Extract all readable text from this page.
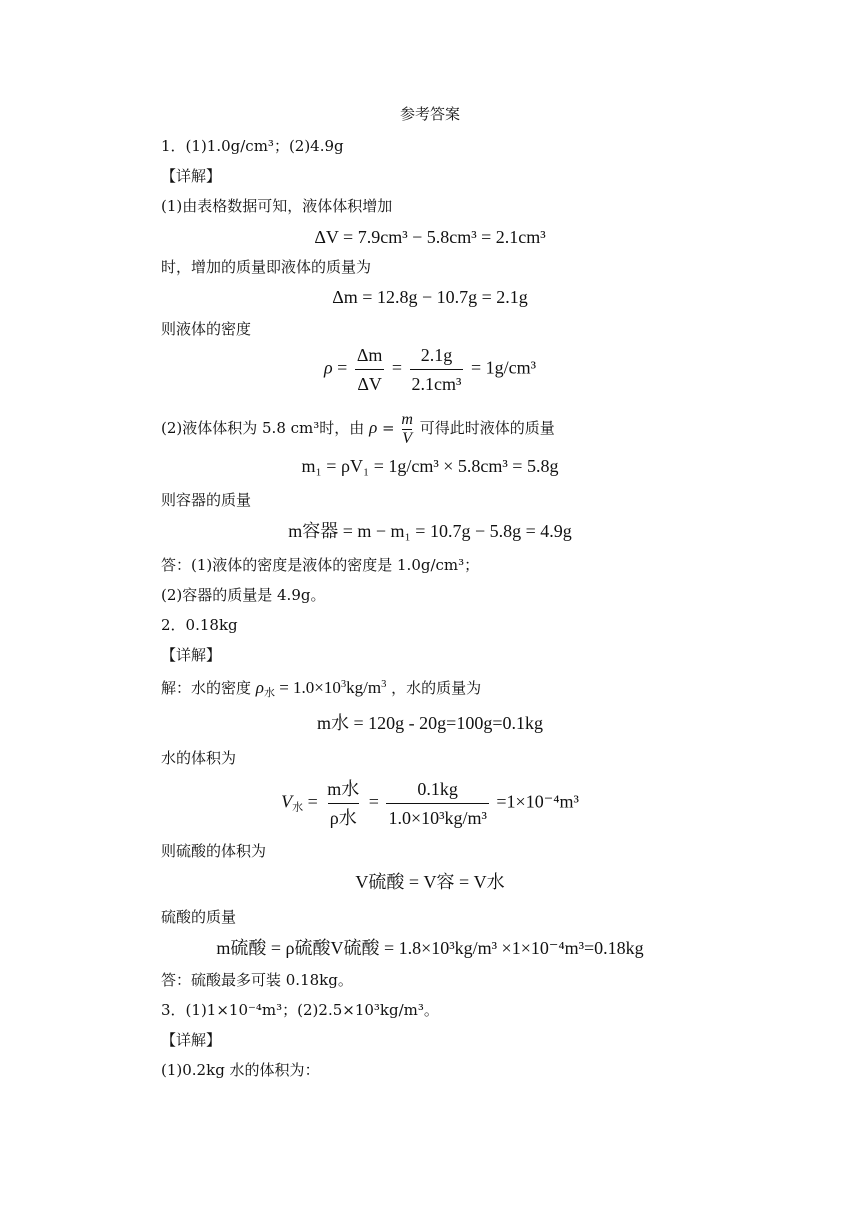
参考答案
1．(1)1.0g/cm³；(2)4.9g
【详解】
(1)由表格数据可知，液体体积增加
ΔV = 7.9cm³ − 5.8cm³ = 2.1cm³
时，增加的质量即液体的质量为
Δm = 12.8g − 10.7g = 2.1g
则液体的密度
$\rho = \frac{\Delta m}{\Delta V} = \frac{2.1g}{\text{2.1cm³}} = 1g/cm^3$
(2)液体体积为 5.8 cm³时，由 $\rho = \frac{m}{V}$ 可得此时液体的质量
m₁ = ρV₁ = 1g/cm³ × 5.8cm³ = 5.8g
则容器的质量
m容器 = m − m₁ = 10.7g − 5.8g = 4.9g
答：(1)液体的密度是液体的密度是 1.0g/cm³；
(2)容器的质量是 4.9g。
2．0.18kg
【详解】
解：水的密度 $\rho_水 = 1.0\times 10^3kg/m^3$ ，水的质量为
m水 = 120g - 20g=100g=0.1kg
水的体积为
$V_水 = \frac{\text{m水}}{\text{ρ水}} = \frac{0.1kg}{\text{1.0×10³kg/m³}} =1\times 10^{-4}m^3$
则硫酸的体积为
V硫酸 = V容 = V水
硫酸的质量
m硫酸 = ρ硫酸V硫酸 = 1.8×10³kg/m³ ×1×10⁻⁴m³=0.18kg
答：硫酸最多可装 0.18kg。
3．(1)1×10⁻⁴m³；(2)2.5×10³kg/m³。
【详解】
(1)0.2kg 水的体积为：
